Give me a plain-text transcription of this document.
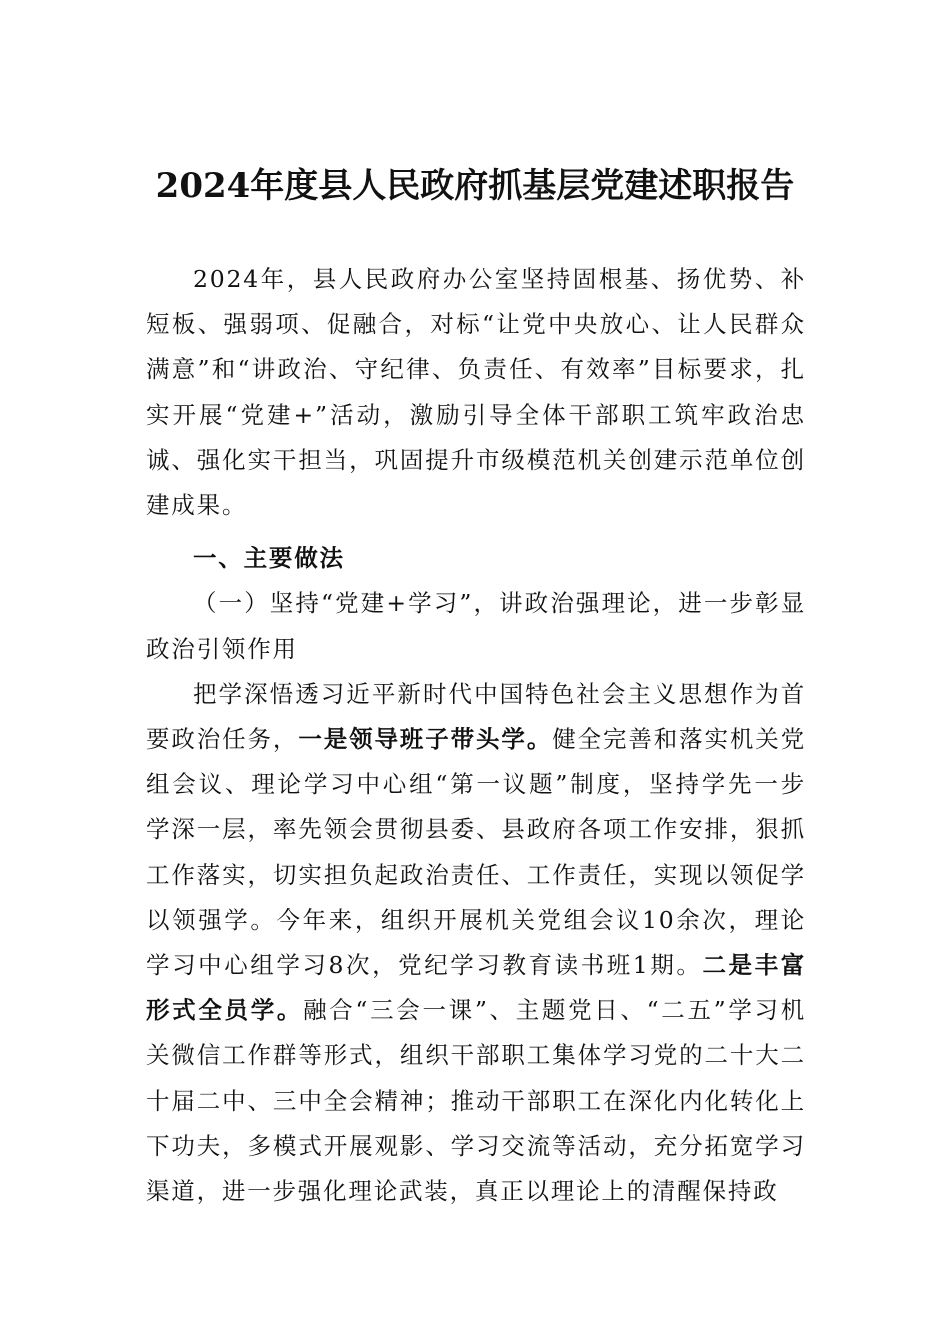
2024年度县人民政府抓基层党建述职报告

2024年，县人民政府办公室坚持固根基、扬优势、补短板、强弱项、促融合，对标“让党中央放心、让人民群众满意”和“讲政治、守纪律、负责任、有效率”目标要求，扎实开展“党建+”活动，激励引导全体干部职工筑牢政治忠诚、强化实干担当，巩固提升市级模范机关创建示范单位创建成果。

一、主要做法

（一）坚持“党建+学习”，讲政治强理论，进一步彰显政治引领作用

把学深悟透习近平新时代中国特色社会主义思想作为首要政治任务，一是领导班子带头学。健全完善和落实机关党组会议、理论学习中心组“第一议题”制度，坚持学先一步学深一层，率先领会贯彻县委、县政府各项工作安排，狠抓工作落实，切实担负起政治责任、工作责任，实现以领促学以领强学。今年来，组织开展机关党组会议10余次，理论学习中心组学习8次，党纪学习教育读书班1期。二是丰富形式全员学。融合“三会一课”、主题党日、“二五”学习机关微信工作群等形式，组织干部职工集体学习党的二十大二十届二中、三中全会精神；推动干部职工在深化内化转化上下功夫，多模式开展观影、学习交流等活动，充分拓宽学习渠道，进一步强化理论武装，真正以理论上的清醒保持政
